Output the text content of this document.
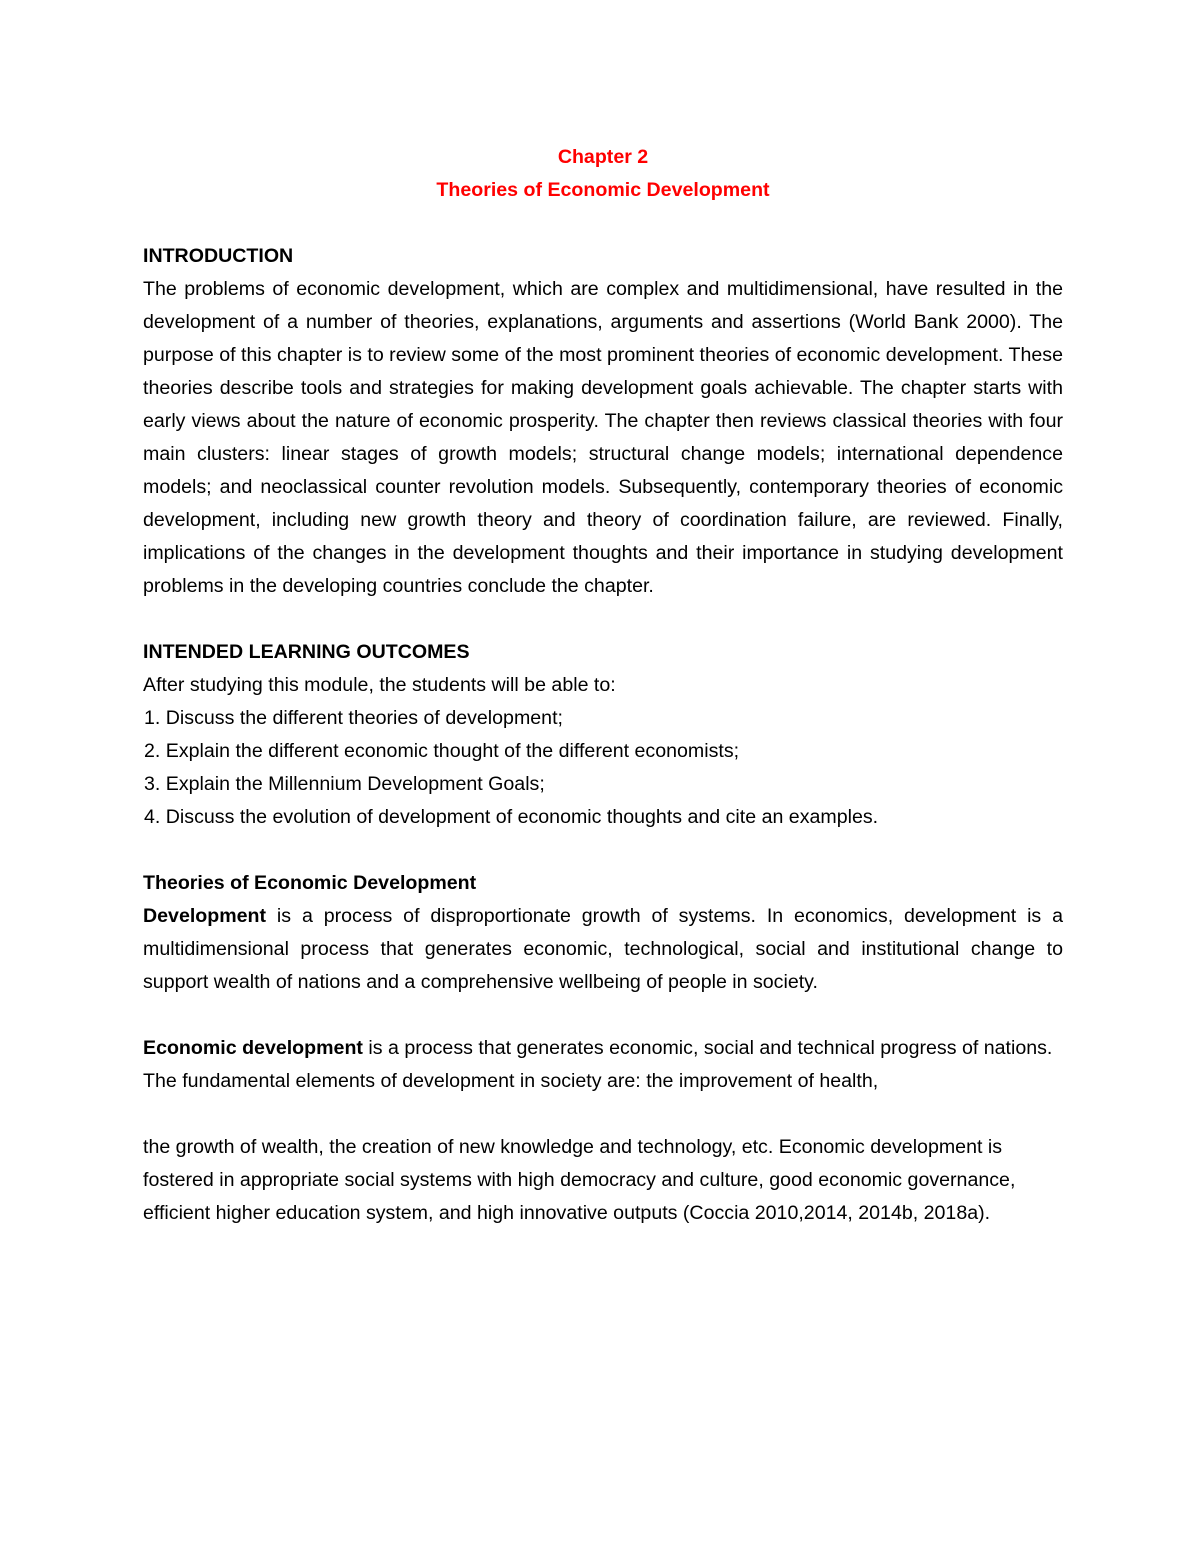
Chapter 2
Theories of Economic Development
INTRODUCTION
The problems of economic development, which are complex and multidimensional, have resulted in the development of a number of theories, explanations, arguments and assertions (World Bank 2000). The purpose of this chapter is to review some of the most prominent theories of economic development. These theories describe tools and strategies for making development goals achievable. The chapter starts with early views about the nature of economic prosperity. The chapter then reviews classical theories with four main clusters: linear stages of growth models; structural change models; international dependence models; and neoclassical counter revolution models. Subsequently, contemporary theories of economic development, including new growth theory and theory of coordination failure, are reviewed. Finally, implications of the changes in the development thoughts and their importance in studying development problems in the developing countries conclude the chapter.
INTENDED LEARNING OUTCOMES
After studying this module, the students will be able to:
1. Discuss the different theories of development;
2. Explain the different economic thought of the different economists;
3. Explain the Millennium Development Goals;
4. Discuss the evolution of development of economic thoughts and cite an examples.
Theories of Economic Development
Development is a process of disproportionate growth of systems. In economics, development is a multidimensional process that generates economic, technological, social and institutional change to support wealth of nations and a comprehensive wellbeing of people in society.
Economic development is a process that generates economic, social and technical progress of nations. The fundamental elements of development in society are: the improvement of health,
the growth of wealth, the creation of new knowledge and technology, etc. Economic development is fostered in appropriate social systems with high democracy and culture, good economic governance, efficient higher education system, and high innovative outputs (Coccia 2010,2014, 2014b, 2018a).
